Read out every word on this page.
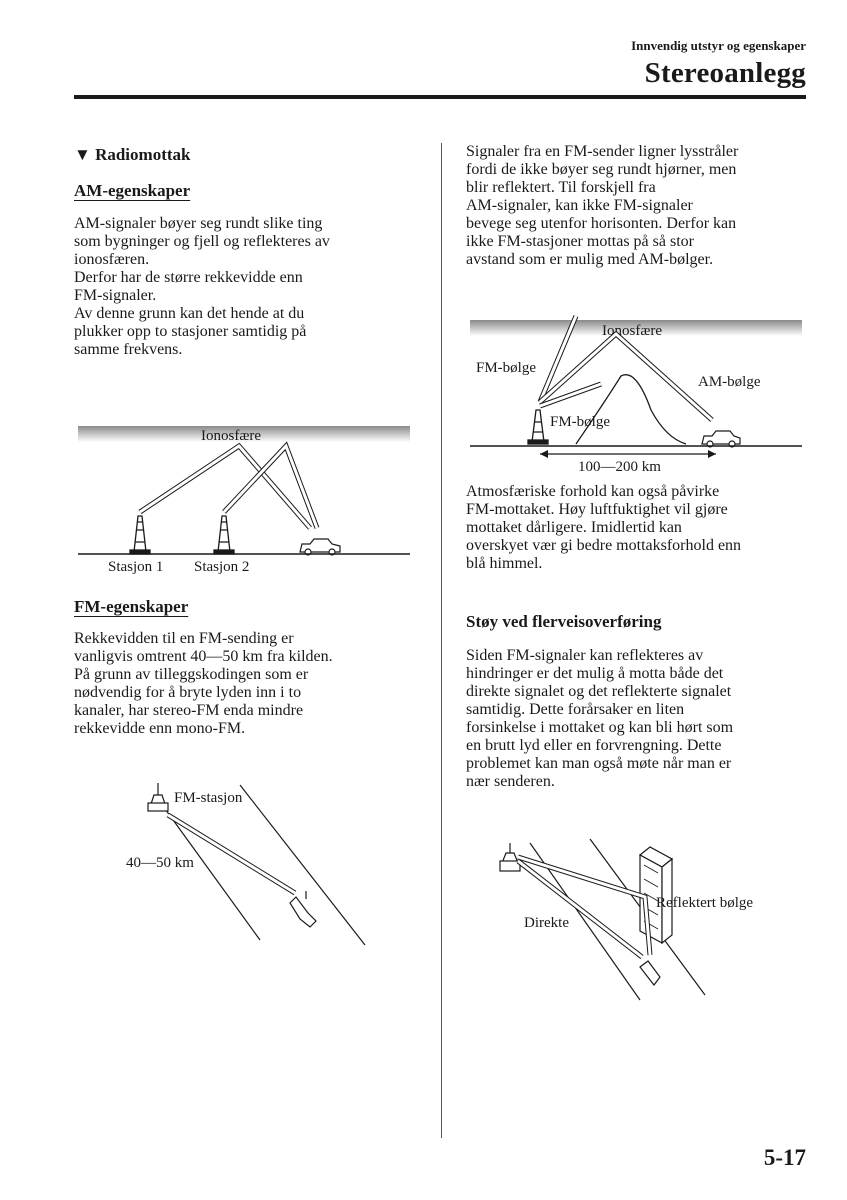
Innvendig utstyr og egenskaper
Stereoanlegg
▼ Radiomottak
AM-egenskaper
AM-signaler bøyer seg rundt slike ting
som bygninger og fjell og reflekteres av
ionosfæren.
Derfor har de større rekkevidde enn
FM-signaler.
Av denne grunn kan det hende at du
plukker opp to stasjoner samtidig på
samme frekvens.
Ionosfære
Stasjon 1 Stasjon 2
FM-egenskaper
Rekkevidden til en FM-sending er
vanligvis omtrent 40―50 km fra kilden.
På grunn av tilleggskodingen som er
nødvendig for å bryte lyden inn i to
kanaler, har stereo-FM enda mindre
rekkevidde enn mono-FM.
FM-stasjon
40―50 km
Signaler fra en FM-sender ligner lysstråler
fordi de ikke bøyer seg rundt hjørner, men
blir reflektert. Til forskjell fra
AM-signaler, kan ikke FM-signaler
bevege seg utenfor horisonten. Derfor kan
ikke FM-stasjoner mottas på så stor
avstand som er mulig med AM-bølger.
Ionosfære
FM-bølge
AM-bølge
FM-bølge
100―200 km
Atmosfæriske forhold kan også påvirke
FM-mottaket. Høy luftfuktighet vil gjøre
mottaket dårligere. Imidlertid kan
overskyet vær gi bedre mottaksforhold enn
blå himmel.
Støy ved flerveisoverføring
Siden FM-signaler kan reflekteres av
hindringer er det mulig å motta både det
direkte signalet og det reflekterte signalet
samtidig. Dette forårsaker en liten
forsinkelse i mottaket og kan bli hørt som
en brutt lyd eller en forvrengning. Dette
problemet kan man også møte når man er
nær senderen.
Reflektert bølge
Direkte
5-17
